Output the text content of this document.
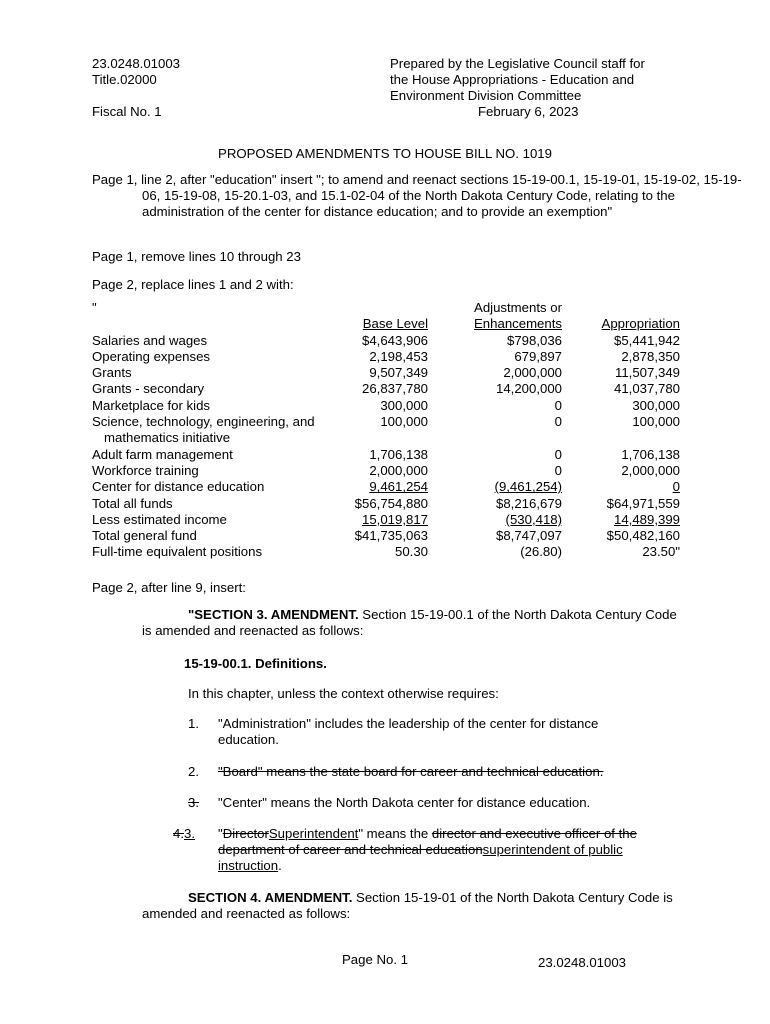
23.0248.01003
Title.02000
Fiscal No. 1
Prepared by the Legislative Council staff for
the House Appropriations - Education and
Environment Division Committee
February 6, 2023
PROPOSED AMENDMENTS TO HOUSE BILL NO. 1019
Page 1, line 2, after "education" insert "; to amend and reenact sections 15-19-00.1, 15-19-01, 15-19-02, 15-19-06, 15-19-08, 15-20.1-03, and 15.1-02-04 of the North Dakota Century Code, relating to the administration of the center for distance education; and to provide an exemption"
Page 1, remove lines 10 through 23
Page 2, replace lines 1 and 2 with:
"		Adjustments or	
	Base Level	Enhancements	Appropriation
Salaries and wages	$4,643,906	$798,036	$5,441,942
Operating expenses	2,198,453	679,897	2,878,350
Grants	9,507,349	2,000,000	11,507,349
Grants - secondary	26,837,780	14,200,000	41,037,780
Marketplace for kids	300,000	0	300,000

Science, technology, engineering, and
mathematics initiative	100,000	0	100,000
Adult farm management	1,706,138	0	1,706,138
Workforce training	2,000,000	0	2,000,000
Center for distance education	9,461,254	(9,461,254)	0
Total all funds	$56,754,880	$8,216,679	$64,971,559
Less estimated income	15,019,817	(530,418)	14,489,399
Total general fund	$41,735,063	$8,747,097	$50,482,160
Full-time equivalent positions	50.30	(26.80)	23.50"
Page 2, after line 9, insert:
"SECTION 3. AMENDMENT. Section 15-19-00.1 of the North Dakota Century Code is amended and reenacted as follows:
15-19-00.1. Definitions.
In this chapter, unless the context otherwise requires:
1. "Administration" includes the leadership of the center for distance education.
2. "Board" means the state board for career and technical education.
3. "Center" means the North Dakota center for distance education.
4.3. "DirectorSuperintendent" means the director and executive officer of the department of career and technical educationsuperintendent of public instruction.
SECTION 4. AMENDMENT. Section 15-19-01 of the North Dakota Century Code is amended and reenacted as follows:
Page No. 1	23.0248.01003
